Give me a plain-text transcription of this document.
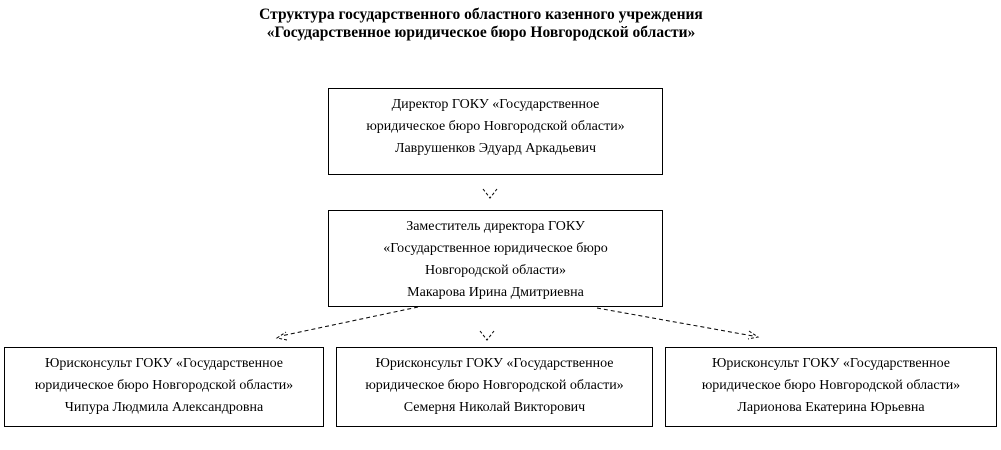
Структура государственного областного казенного учреждения
«Государственное юридическое бюро Новгородской области»
Директор ГОКУ «Государственное
юридическое бюро Новгородской области»
Лаврушенков Эдуард Аркадьевич
Заместитель директора ГОКУ
«Государственное юридическое бюро
Новгородской области»
Макарова Ирина Дмитриевна
Юрисконсульт ГОКУ «Государственное
юридическое бюро Новгородской области»
Чипура Людмила Александровна
Юрисконсульт ГОКУ «Государственное
юридическое бюро Новгородской области»
Семерня Николай Викторович
Юрисконсульт ГОКУ «Государственное
юридическое бюро Новгородской области»
Ларионова Екатерина Юрьевна
